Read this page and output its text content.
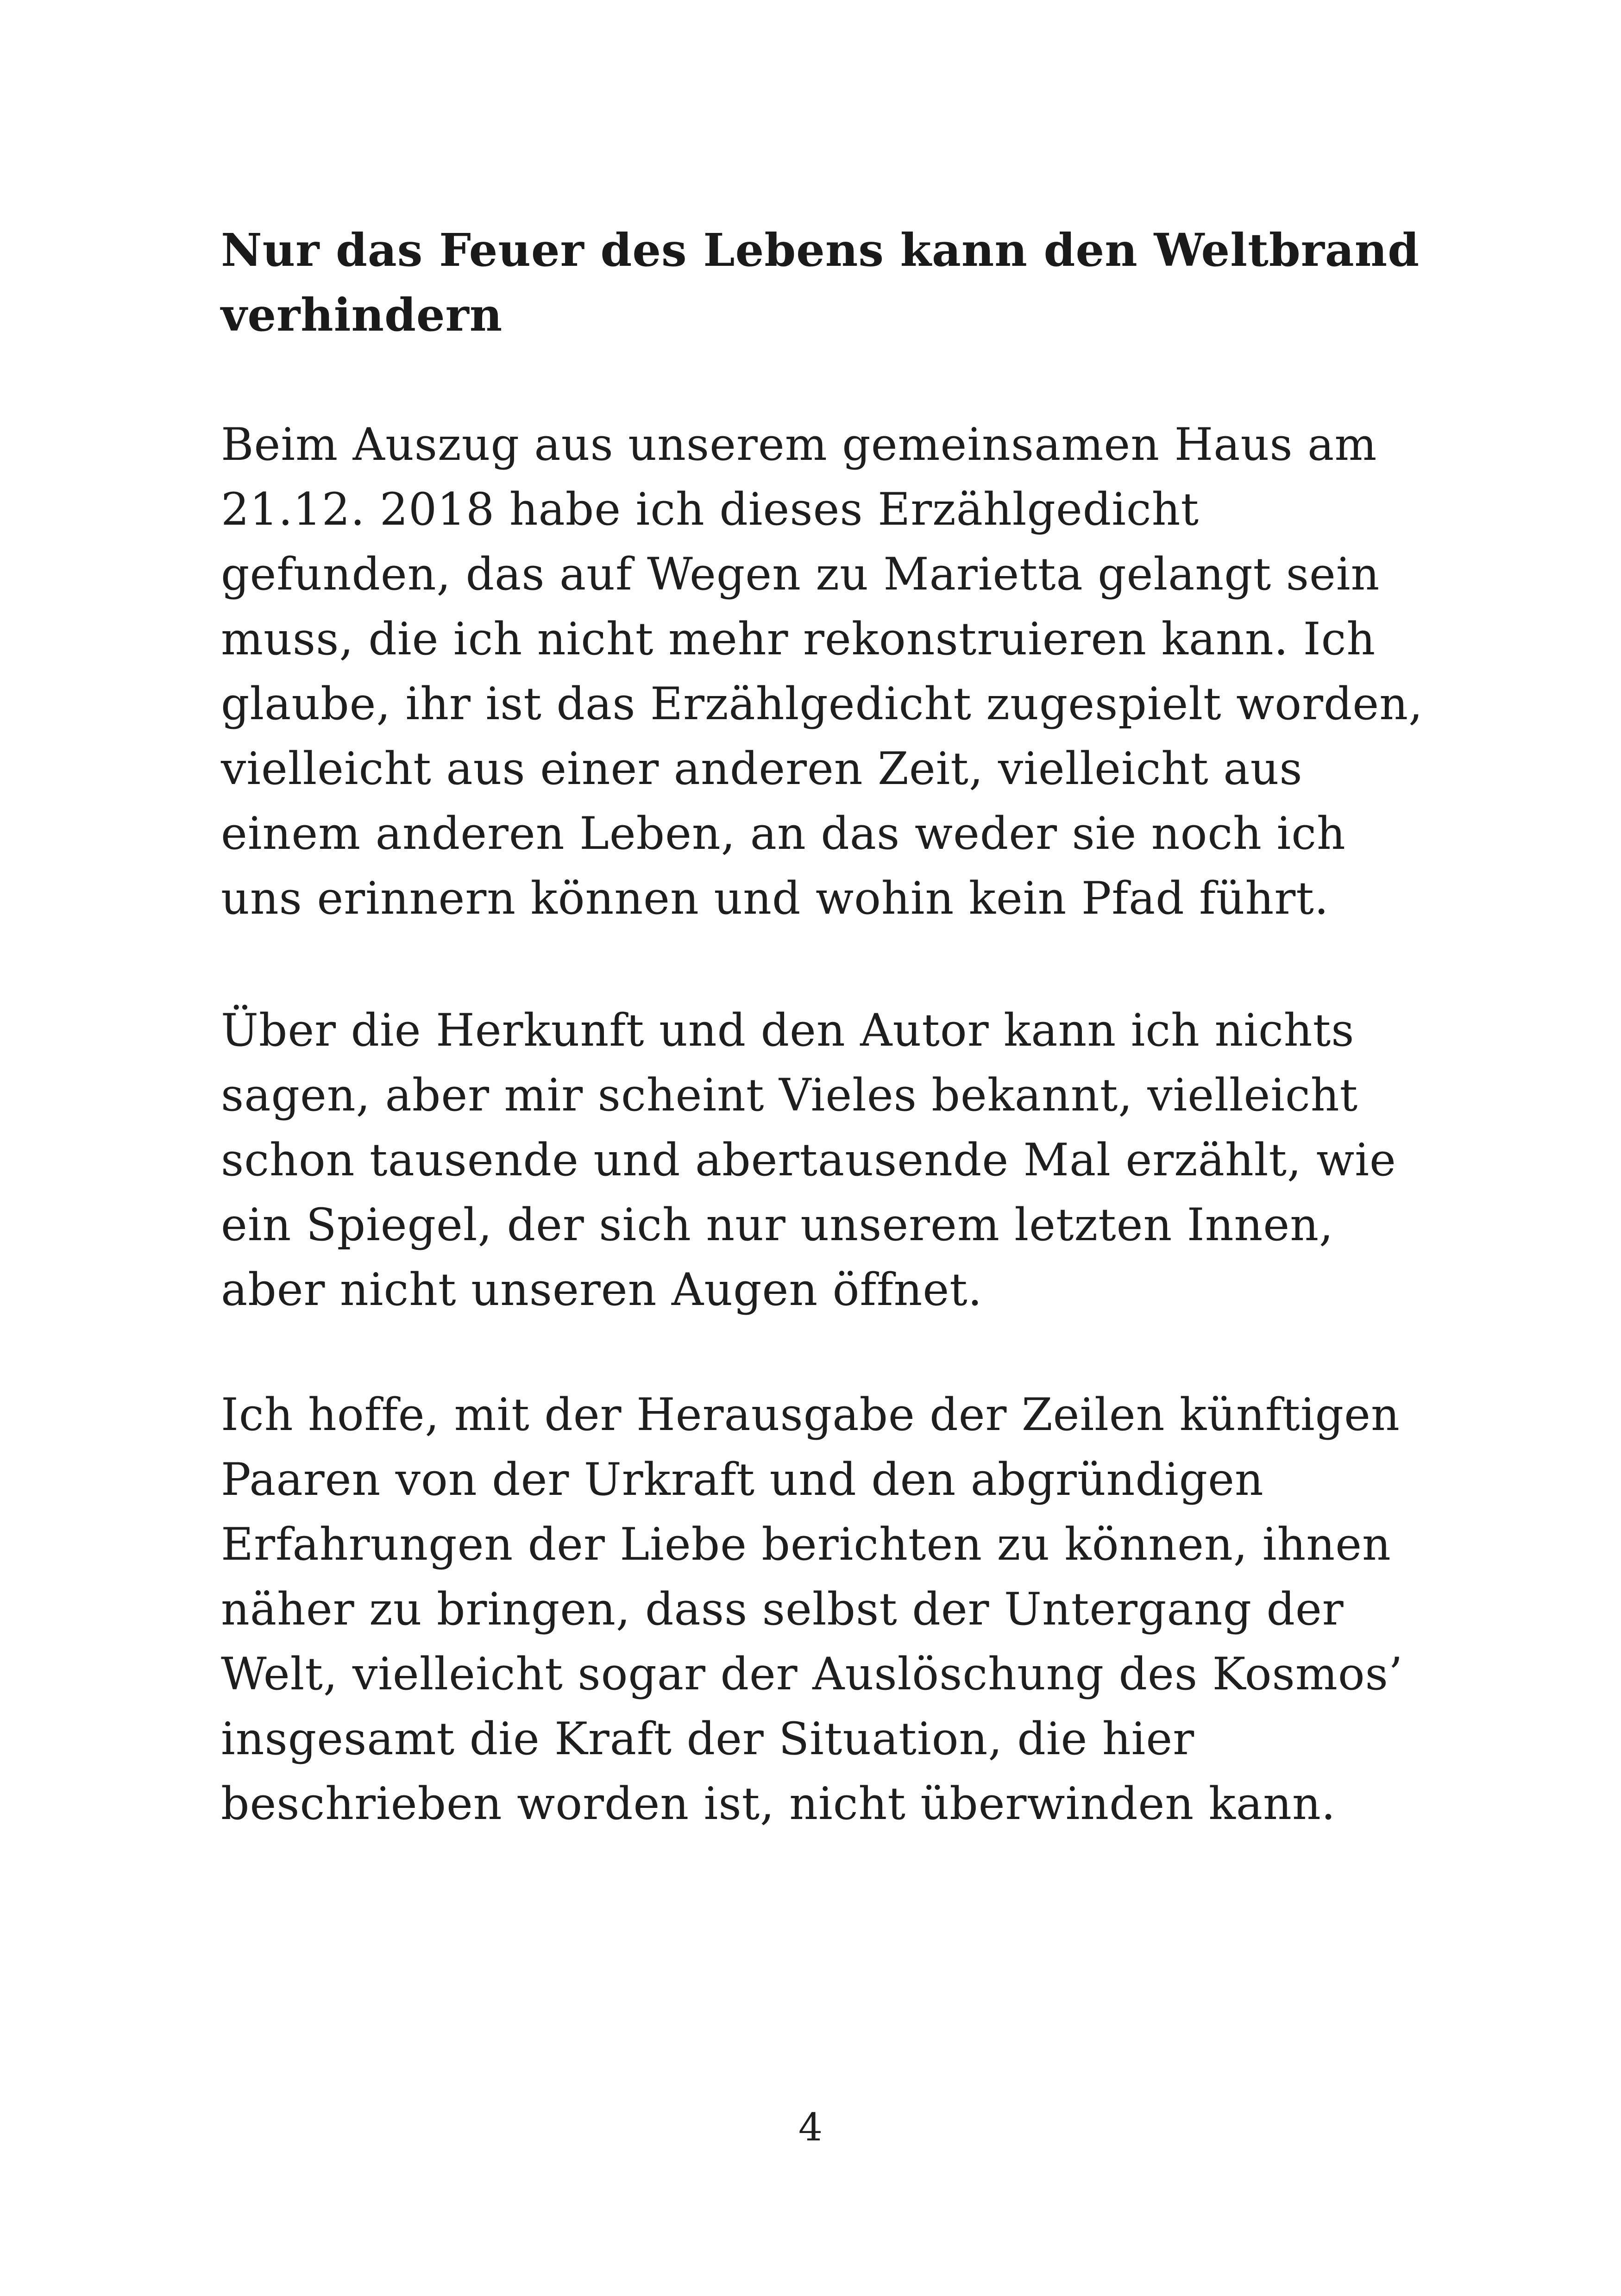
Nur das Feuer des Lebens kann den Weltbrand
verhindern

Beim Auszug aus unserem gemeinsamen Haus am
21.12. 2018 habe ich dieses Erzählgedicht
gefunden, das auf Wegen zu Marietta gelangt sein
muss, die ich nicht mehr rekonstruieren kann. Ich
glaube, ihr ist das Erzählgedicht zugespielt worden,
vielleicht aus einer anderen Zeit, vielleicht aus
einem anderen Leben, an das weder sie noch ich
uns erinnern können und wohin kein Pfad führt.

Über die Herkunft und den Autor kann ich nichts
sagen, aber mir scheint Vieles bekannt, vielleicht
schon tausende und abertausende Mal erzählt, wie
ein Spiegel, der sich nur unserem letzten Innen,
aber nicht unseren Augen öffnet.

Ich hoffe, mit der Herausgabe der Zeilen künftigen
Paaren von der Urkraft und den abgründigen
Erfahrungen der Liebe berichten zu können, ihnen
näher zu bringen, dass selbst der Untergang der
Welt, vielleicht sogar der Auslöschung des Kosmos’
insgesamt die Kraft der Situation, die hier
beschrieben worden ist, nicht überwinden kann.

4
